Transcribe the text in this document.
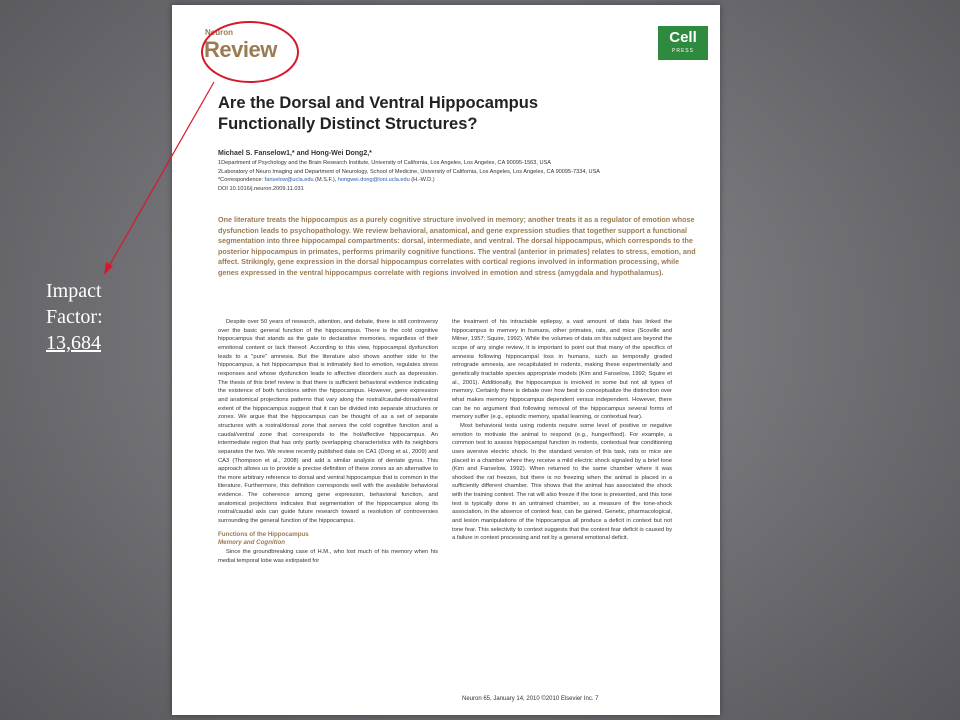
Impact
Factor:
13,684
Neuron
Review	Cell
PRESS
Are the Dorsal and Ventral Hippocampus Functionally Distinct Structures?
Michael S. Fanselow1,* and Hong-Wei Dong2,*
1Department of Psychology and the Brain Research Institute, University of California, Los Angeles, Los Angeles, CA 90095-1563, USA
2Laboratory of Neuro Imaging and Department of Neurology, School of Medicine, University of California, Los Angeles, Los Angeles, CA 90095-7334, USA
*Correspondence: fanselow@ucla.edu (M.S.F.), hongwei.dong@loni.ucla.edu (H.-W.D.)
DOI 10.1016/j.neuron.2009.11.031
One literature treats the hippocampus as a purely cognitive structure involved in memory; another treats it as a regulator of emotion whose dysfunction leads to psychopathology. We review behavioral, anatomical, and gene expression studies that together support a functional segmentation into three hippocampal compartments: dorsal, intermediate, and ventral. The dorsal hippocampus, which corresponds to the posterior hippocampus in primates, performs primarily cognitive functions. The ventral (anterior in primates) relates to stress, emotion, and affect. Strikingly, gene expression in the dorsal hippocampus correlates with cortical regions involved in information processing, while genes expressed in the ventral hippocampus correlate with regions involved in emotion and stress (amygdala and hypothalamus).

Despite over 50 years of research, attention, and debate, there is still controversy over the basic general function of the hippocampus. There is the cold cognitive hippocampus that stands as the gate to declarative memories, regardless of their emotional content or lack thereof. According to this view, hippocampal dysfunction leads to a "pure" amnesia. But the literature also shows another side to the hippocampus, a hot hippocampus that is intimately tied to emotion, regulates stress responses and whose dysfunction leads to affective disorders such as depression. The thesis of this brief review is that there is sufficient behavioral evidence indicating the existence of both functions within the hippocampus. However, gene expression and anatomical projections patterns that vary along the rostral/caudal-dorsal/ventral extent of the hippocampus suggest that it can be divided into separate structures or zones. We argue that the hippocampus can be thought of as a set of separate structures with a rostral/dorsal zone that serves the cold cognitive function and a caudal/ventral zone that corresponds to the hot/affective hippocampus. An intermediate region that has only partly overlapping characteristics with its neighbors separates the two. We review recently published data on CA1 (Dong et al., 2009) and CA3 (Thompson et al., 2008) and add a similar analysis of dentate gyrus. This approach allows us to provide a precise definition of these zones as an alternative to the more arbitrary reference to dorsal and ventral hippocampus that is common in the literature. Furthermore, this definition corresponds well with the available behavioral evidence. The coherence among gene expression, behavioral function, and anatomical projections indicates that segmentation of the hippocampus along its rostral/caudal axis can guide future research toward a resolution of controversies surrounding the general function of the hippocampus.

Functions of the Hippocampus
Memory and Cognition

Since the groundbreaking case of H.M., who lost much of his memory when his medial temporal lobe was extirpated for

the treatment of his intractable epilepsy, a vast amount of data has linked the hippocampus to memory in humans, other primates, rats, and mice (Scoville and Milner, 1957; Squire, 1992). While the volumes of data on this subject are beyond the scope of any single review, it is important to point out that many of the specifics of amnesia following hippocampal loss in humans, such as temporally graded retrograde amnesia, are recapitulated in rodents, making these experimentally and genetically tractable species appropriate models (Kim and Fanselow, 1992; Squire et al., 2001). Additionally, the hippocampus is involved in some but not all types of memory. Certainly there is debate over how best to conceptualize the distinction over what makes memory hippocampus dependent versus independent. However, there can be no argument that following removal of the hippocampus several forms of memory suffer (e.g., episodic memory, spatial learning, or contextual fear).

Most behavioral tests using rodents require some level of positive or negative emotion to motivate the animal to respond (e.g., hunger/food). For example, a common test to assess hippocampal function in rodents, contextual fear conditioning uses aversive electric shock. In the standard version of this task, rats or mice are placed in a chamber where they receive a mild electric shock signaled by a brief tone (Kim and Fanselow, 1992). When returned to the same chamber where it was shocked the rat freezes, but there is no freezing when the animal is placed in a sufficiently different chamber. This shows that the animal has associated the shock with the training context. The rat will also freeze if the tone is presented, and this tone test is typically done in an untrained chamber, so a measure of the tone-shock association, in the absence of context fear, can be gained. Genetic, pharmacological, and lesion manipulations of the hippocampus all produce a deficit in context but not tone fear. This selectivity to context suggests that the context fear deficit is caused by a failure in context processing and not by a general emotional deficit.

Neuron 65, January 14, 2010 ©2010 Elsevier Inc. 7
